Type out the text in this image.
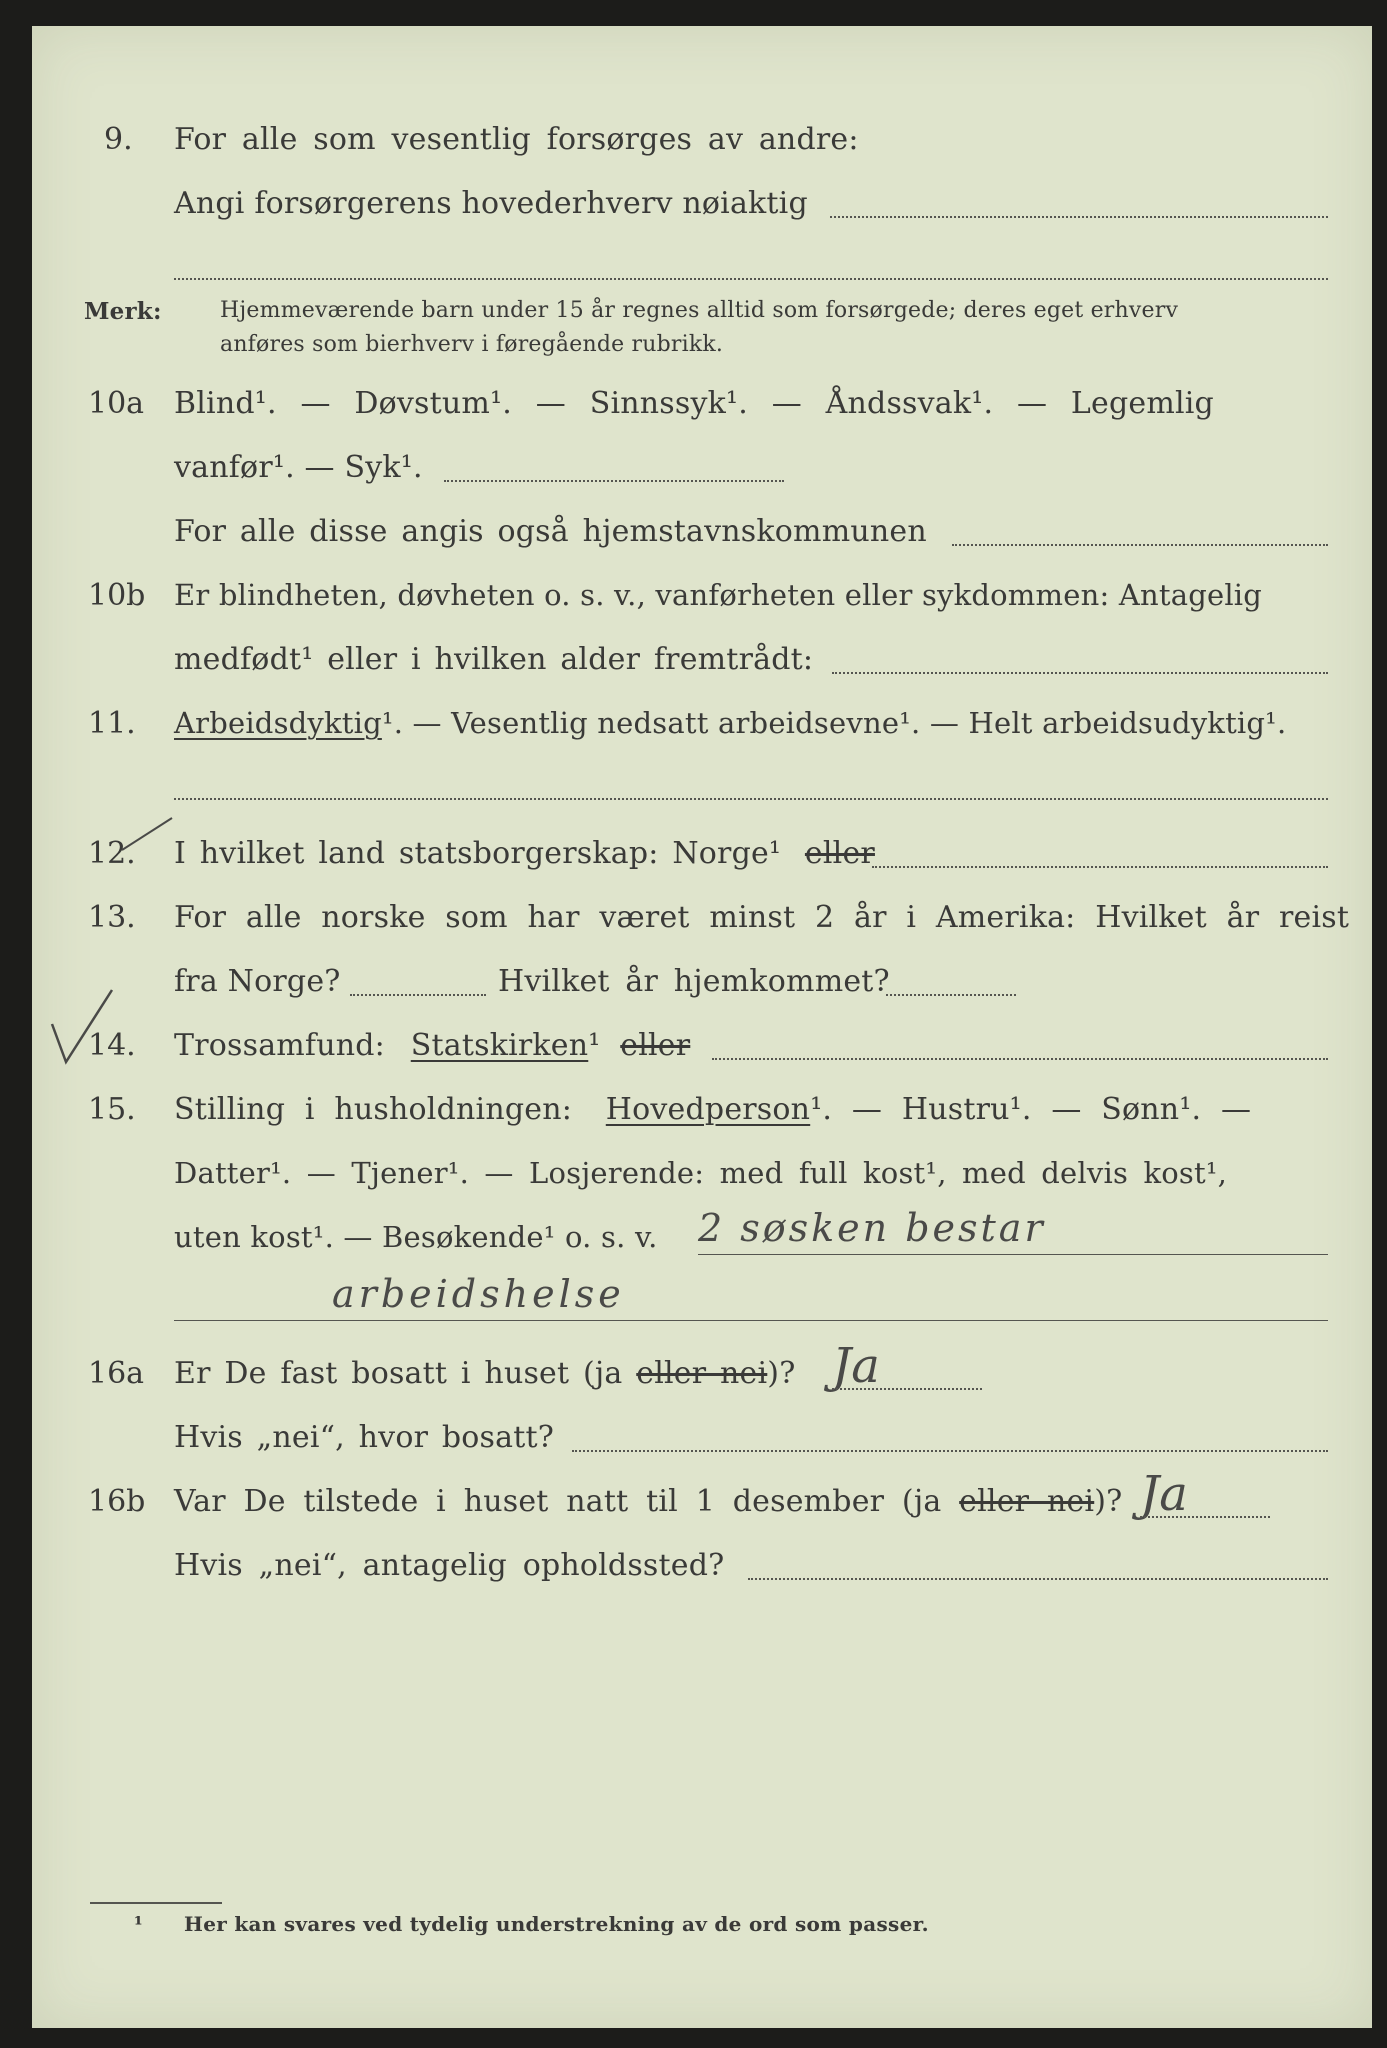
9. For alle som vesentlig forsørges av andre:
Angi forsørgerens hovederhverv nøiaktig
Merk:	Hjemmeværende barn under 15 år regnes alltid som forsørgede; deres eget erhverv
anføres som bierhverv i føregående rubrikk.
10a Blind¹. — Døvstum¹. — Sinnssyk¹. — Åndssvak¹. — Legemlig
vanfør¹. — Syk¹.
For alle disse angis også hjemstavnskommunen
10b Er blindheten, døvheten o. s. v., vanførheten eller sykdommen: Antagelig
medfødt¹ eller i hvilken alder fremtrådt:
11. Arbeidsdyktig¹. — Vesentlig nedsatt arbeidsevne¹. — Helt arbeidsudyktig¹.
12. I hvilket land statsborgerskap: Norge¹ eller
13. For alle norske som har været minst 2 år i Amerika: Hvilket år reist
fra Norge?	Hvilket år hjemkommet?
14. Trossamfund: Statskirken¹ eller
15. Stilling i husholdningen: Hovedperson¹. — Hustru¹. — Sønn¹. —
Datter¹. — Tjener¹. — Losjerende: med full kost¹, med delvis kost¹,
uten kost¹. — Besøkende¹ o. s. v. 2 søsken bestar
arbeidshelse
16a Er De fast bosatt i huset (ja eller nei)? Ja
Hvis „nei“, hvor bosatt?
16b Var De tilstede i huset natt til 1 desember (ja eller nei)? Ja
Hvis „nei“, antagelig opholdssted?
¹ Her kan svares ved tydelig understrekning av de ord som passer.
